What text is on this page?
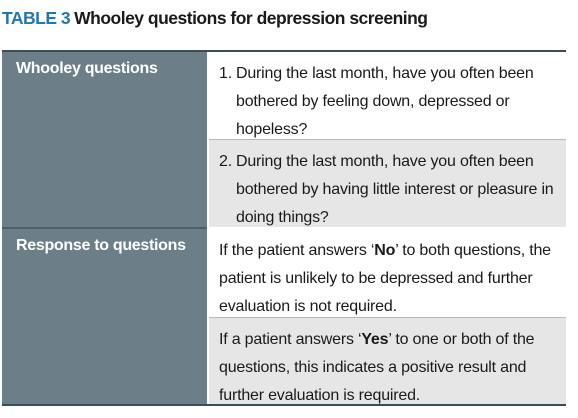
TABLE 3 Whooley questions for depression screening
Whooley questions
Response to questions
1. During the last month, have you often been bothered by feeling down, depressed or hopeless?
2. During the last month, have you often been bothered by having little interest or pleasure in doing things?
If the patient answers ‘No’ to both questions, the patient is unlikely to be depressed and further evaluation is not required.
If a patient answers ‘Yes’ to one or both of the questions, this indicates a positive result and further evaluation is required.
